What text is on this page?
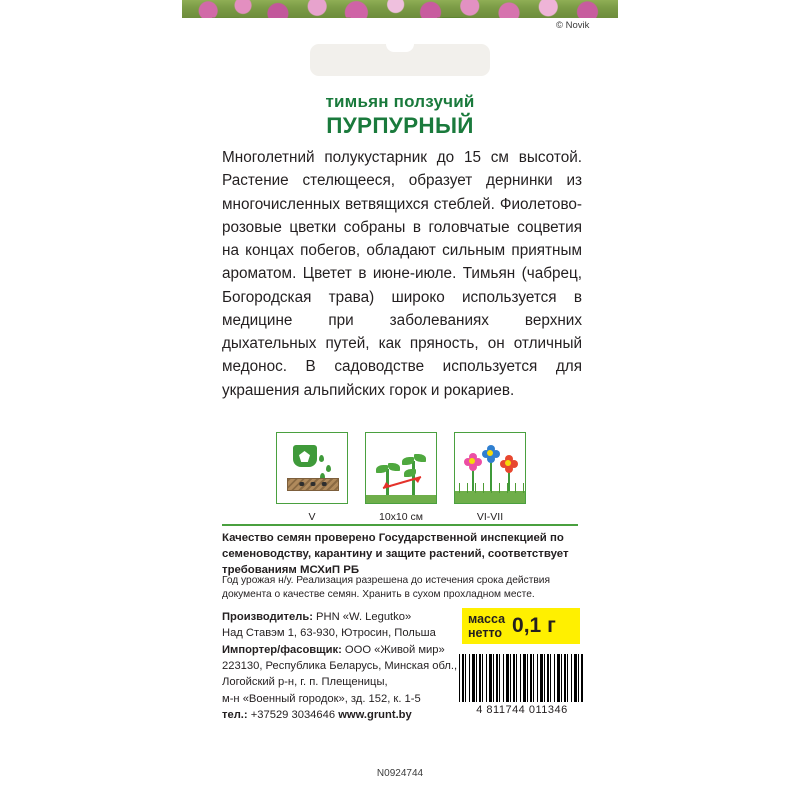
© Novik
тимьян ползучий
ПУРПУРНЫЙ
Многолетний полукустарник до 15 см высотой. Растение стелющееся, образует дернинки из многочисленных ветвящихся стеблей. Фиолетово-розовые цветки собраны в головчатые соцветия на концах побегов, обладают сильным приятным ароматом. Цветет в июне-июле. Тимьян (чабрец, Богородская трава) широко используется в медицине при заболеваниях верхних дыхательных путей, как пряность, он отличный медонос. В садоводстве используется для украшения альпийских горок и рокариев.
V	10x10 см	VI-VII
Качество семян проверено Государственной инспекцией по семеноводству, карантину и защите растений, соответствует требованиям МСХиП РБ
Год урожая н/у. Реализация разрешена до истечения срока действия документа о качестве семян. Хранить в сухом прохладном месте.
Производитель: PHN «W. Legutko»
Над Ставэм 1, 63-930, Ютросин, Польша
Импортер/фасовщик: ООО «Живой мир»
223130, Республика Беларусь, Минская обл.,
Логойский р-н, г. п. Плещеницы,
м-н «Военный городок», зд. 152, к. 1-5
тел.: +37529 3034646 www.grunt.by
масса
нетто 0,1 г
4 811744 011346
N0924744
